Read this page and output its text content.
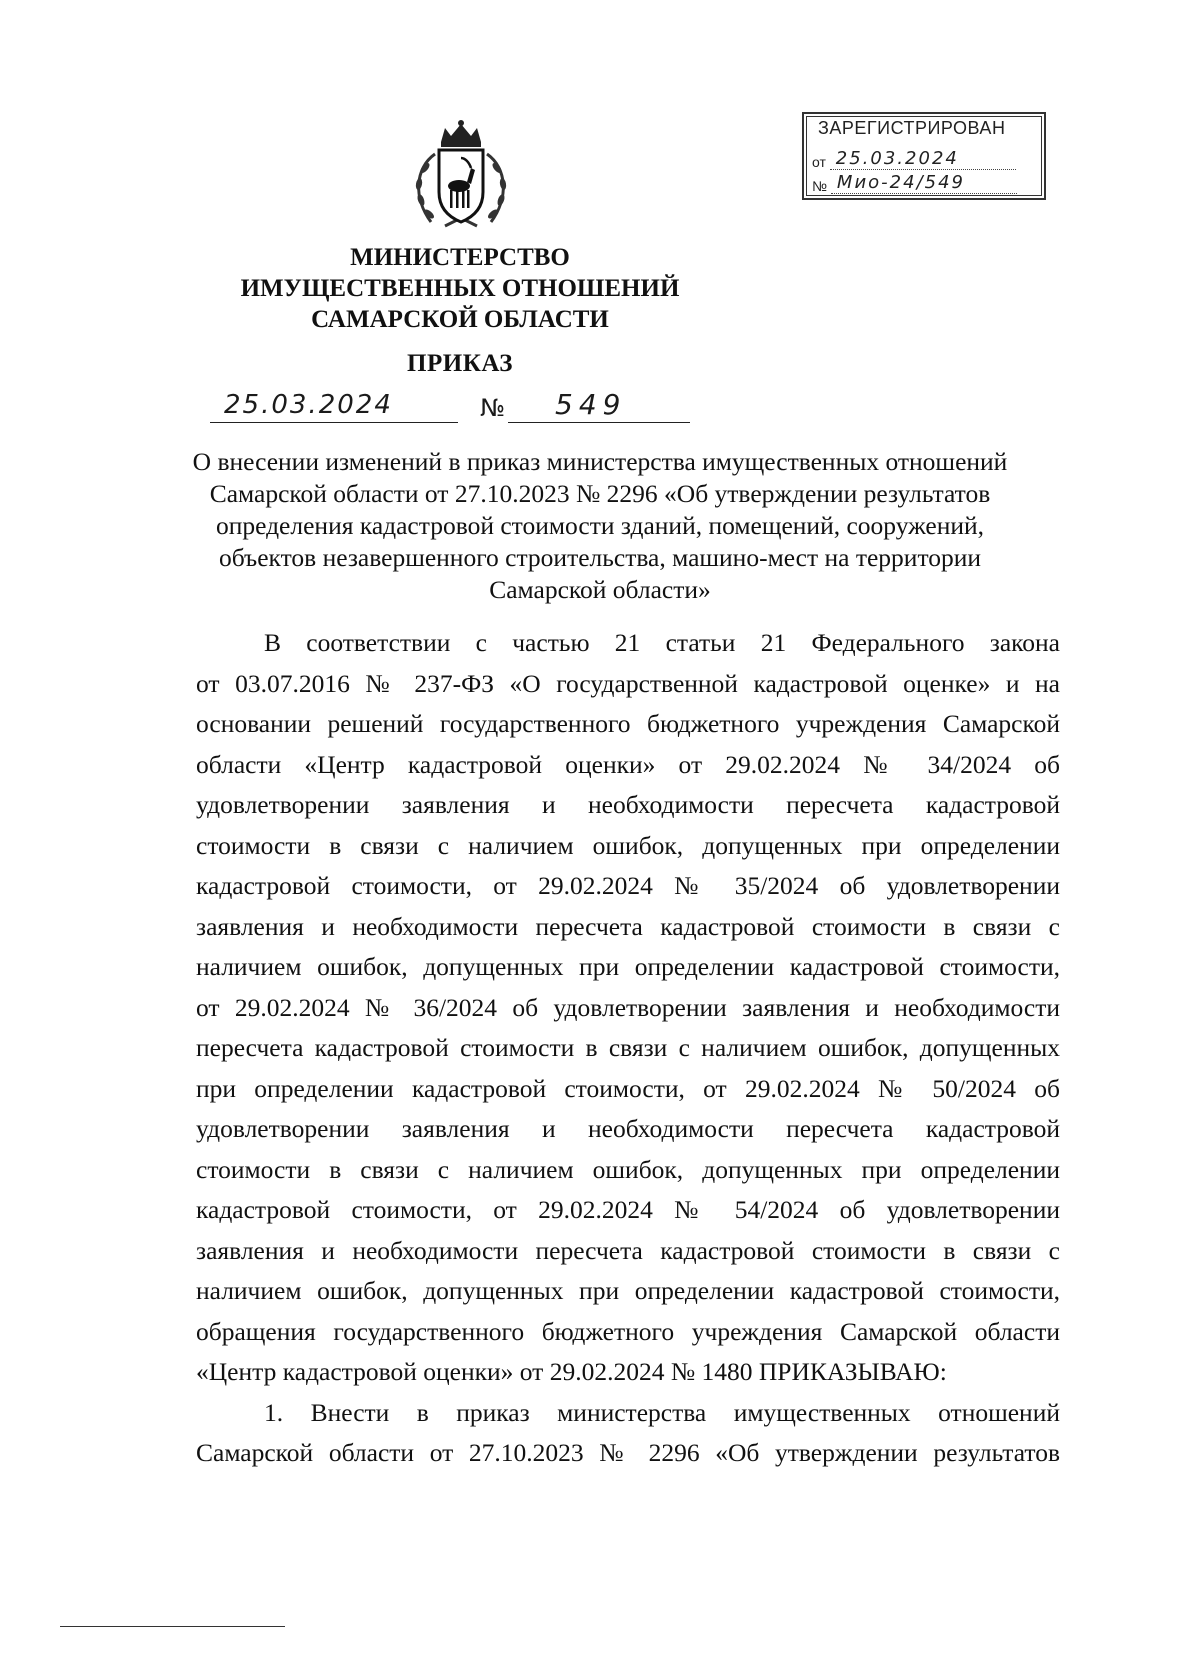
МИНИСТЕРСТВО
ИМУЩЕСТВЕННЫХ ОТНОШЕНИЙ
САМАРСКОЙ ОБЛАСТИ
ПРИКАЗ
25.03.2024	№ 549
ЗАРЕГИСТРИРОВАН
от 25.03.2024
№ Мио-24/549
О внесении изменений в приказ министерства имущественных отношений
Самарской области от 27.10.2023 № 2296 «Об утверждении результатов
определения кадастровой стоимости зданий, помещений, сооружений,
объектов незавершенного строительства, машино-мест на территории
Самарской области»
В соответствии с частью 21 статьи 21 Федерального закона
от 03.07.2016 № 237-ФЗ «О государственной кадастровой оценке» и на
основании решений государственного бюджетного учреждения Самарской
области «Центр кадастровой оценки» от 29.02.2024 № 34/2024 об
удовлетворении заявления и необходимости пересчета кадастровой
стоимости в связи с наличием ошибок, допущенных при определении
кадастровой стоимости, от 29.02.2024 № 35/2024 об удовлетворении
заявления и необходимости пересчета кадастровой стоимости в связи с
наличием ошибок, допущенных при определении кадастровой стоимости,
от 29.02.2024 № 36/2024 об удовлетворении заявления и необходимости
пересчета кадастровой стоимости в связи с наличием ошибок, допущенных
при определении кадастровой стоимости, от 29.02.2024 № 50/2024 об
удовлетворении заявления и необходимости пересчета кадастровой
стоимости в связи с наличием ошибок, допущенных при определении
кадастровой стоимости, от 29.02.2024 № 54/2024 об удовлетворении
заявления и необходимости пересчета кадастровой стоимости в связи с
наличием ошибок, допущенных при определении кадастровой стоимости,
обращения государственного бюджетного учреждения Самарской области
«Центр кадастровой оценки» от 29.02.2024 № 1480 ПРИКАЗЫВАЮ:
1. Внести в приказ министерства имущественных отношений
Самарской области от 27.10.2023 № 2296 «Об утверждении результатов
